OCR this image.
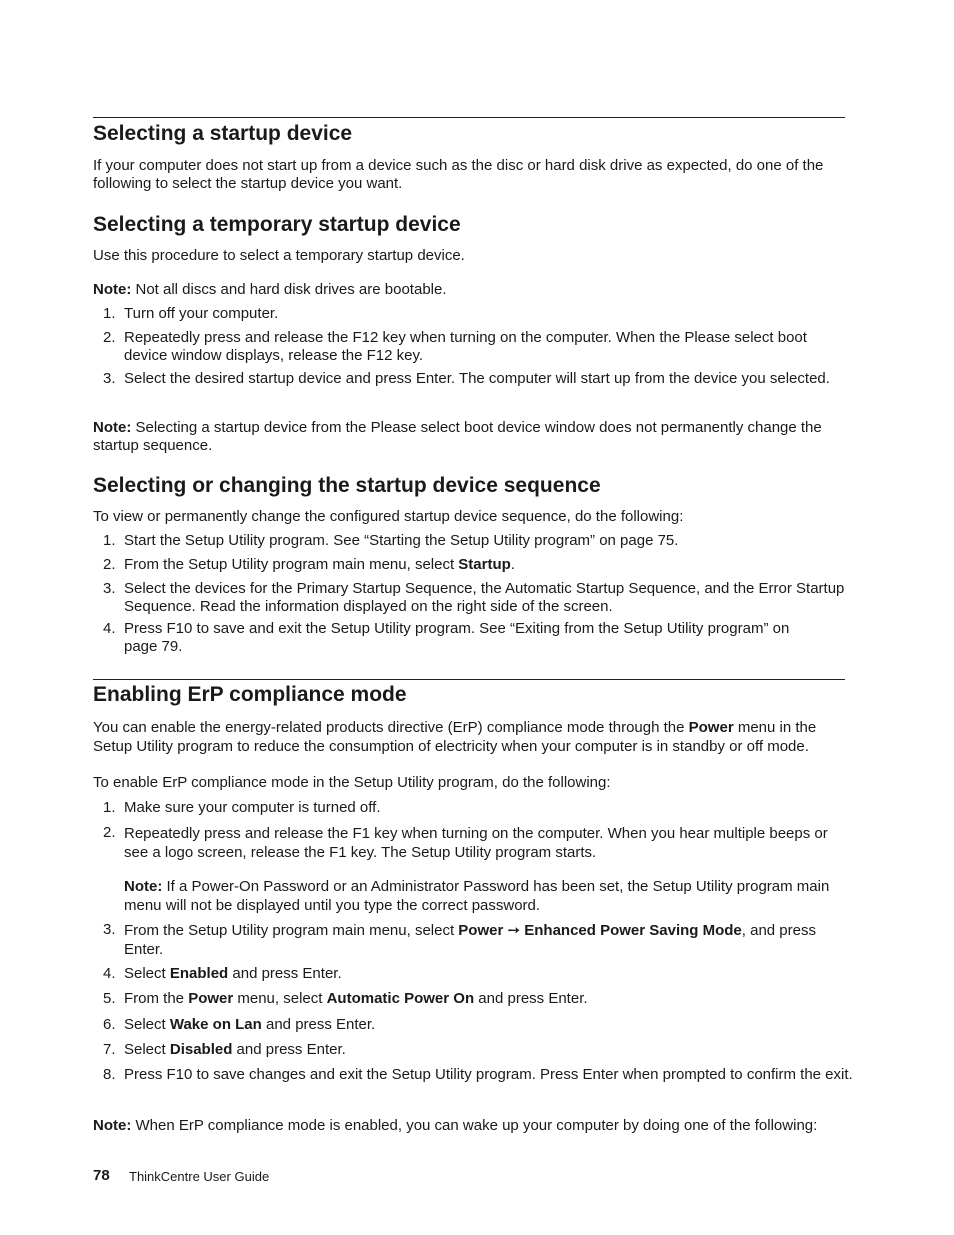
Selecting a startup device

If your computer does not start up from a device such as the disc or hard disk drive as expected, do one of the following to select the startup device you want.

Selecting a temporary startup device

Use this procedure to select a temporary startup device.

Note: Not all discs and hard disk drives are bootable.

1. Turn off your computer.
2. Repeatedly press and release the F12 key when turning on the computer. When the Please select boot device window displays, release the F12 key.
3. Select the desired startup device and press Enter. The computer will start up from the device you selected.

Note: Selecting a startup device from the Please select boot device window does not permanently change the startup sequence.

Selecting or changing the startup device sequence

To view or permanently change the configured startup device sequence, do the following:

1. Start the Setup Utility program. See “Starting the Setup Utility program” on page 75.
2. From the Setup Utility program main menu, select Startup.
3. Select the devices for the Primary Startup Sequence, the Automatic Startup Sequence, and the Error Startup Sequence. Read the information displayed on the right side of the screen.
4. Press F10 to save and exit the Setup Utility program. See “Exiting from the Setup Utility program” on page 79.
Enabling ErP compliance mode

You can enable the energy-related products directive (ErP) compliance mode through the Power menu in the Setup Utility program to reduce the consumption of electricity when your computer is in standby or off mode.

To enable ErP compliance mode in the Setup Utility program, do the following:

1. Make sure your computer is turned off.
2. Repeatedly press and release the F1 key when turning on the computer. When you hear multiple beeps or see a logo screen, release the F1 key. The Setup Utility program starts.

Note: If a Power-On Password or an Administrator Password has been set, the Setup Utility program main menu will not be displayed until you type the correct password.

3. From the Setup Utility program main menu, select Power ➙ Enhanced Power Saving Mode, and press Enter.
4. Select Enabled and press Enter.
5. From the Power menu, select Automatic Power On and press Enter.
6. Select Wake on Lan and press Enter.
7. Select Disabled and press Enter.
8. Press F10 to save changes and exit the Setup Utility program. Press Enter when prompted to confirm the exit.

Note: When ErP compliance mode is enabled, you can wake up your computer by doing one of the following:

78 ThinkCentre User Guide
